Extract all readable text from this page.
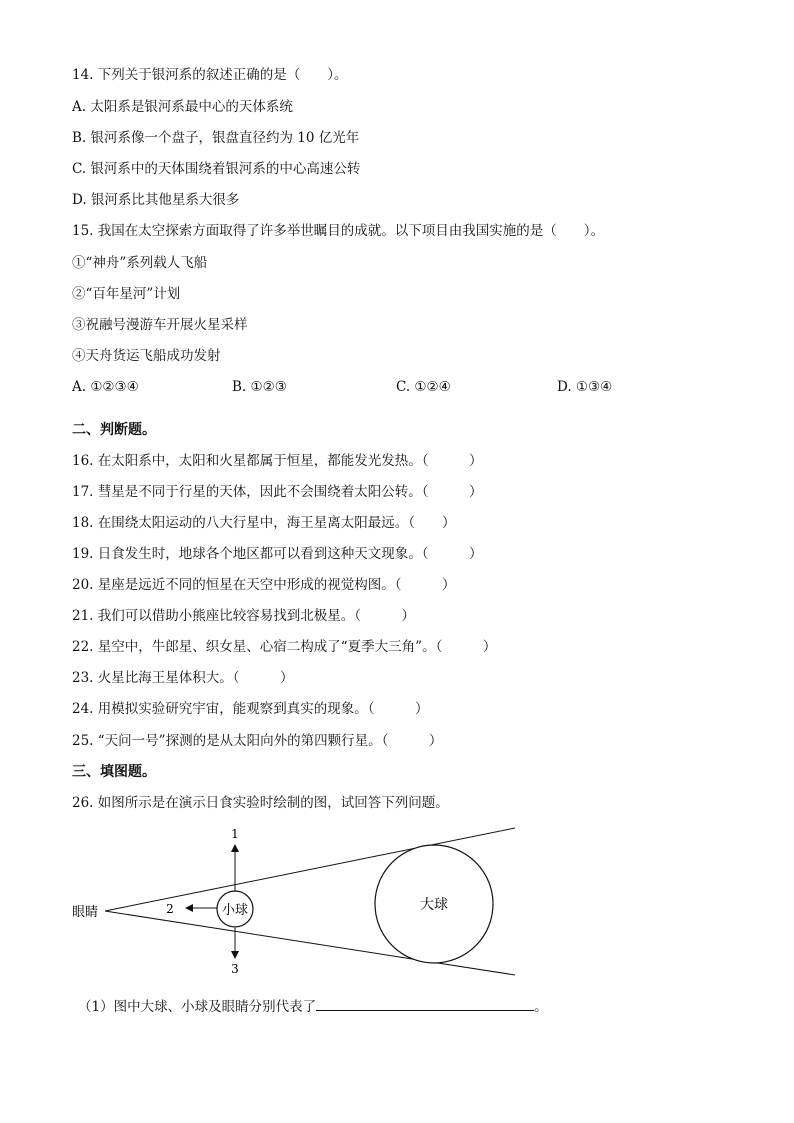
14. 下列关于银河系的叙述正确的是（　　）。
A. 太阳系是银河系最中心的天体系统
B. 银河系像一个盘子，银盘直径约为 10 亿光年
C. 银河系中的天体围绕着银河系的中心高速公转
D. 银河系比其他星系大很多
15. 我国在太空探索方面取得了许多举世瞩目的成就。以下项目由我国实施的是（　　）。
①“神舟”系列载人飞船
②“百年星河”计划
③祝融号漫游车开展火星采样
④天舟货运飞船成功发射
A. ①②③④	B. ①②③	C. ①②④	D. ①③④
二、判断题。
16. 在太阳系中，太阳和火星都属于恒星，都能发光发热。（　　　）
17. 彗星是不同于行星的天体，因此不会围绕着太阳公转。（　　　）
18. 在围绕太阳运动的八大行星中，海王星离太阳最远。（　　）
19. 日食发生时，地球各个地区都可以看到这种天文现象。（　　　）
20. 星座是远近不同的恒星在天空中形成的视觉构图。（　　　）
21. 我们可以借助小熊座比较容易找到北极星。（　　　）
22. 星空中，牛郎星、织女星、心宿二构成了“夏季大三角”。（　　　）
23. 火星比海王星体积大。（　　　）
24. 用模拟实验研究宇宙，能观察到真实的现象。（　　　）
25. “天问一号”探测的是从太阳向外的第四颗行星。（　　　）
三、填图题。
26. 如图所示是在演示日食实验时绘制的图，试回答下列问题。
大球
小球
1
2
3
眼睛
（1）图中大球、小球及眼睛分别代表了	。
